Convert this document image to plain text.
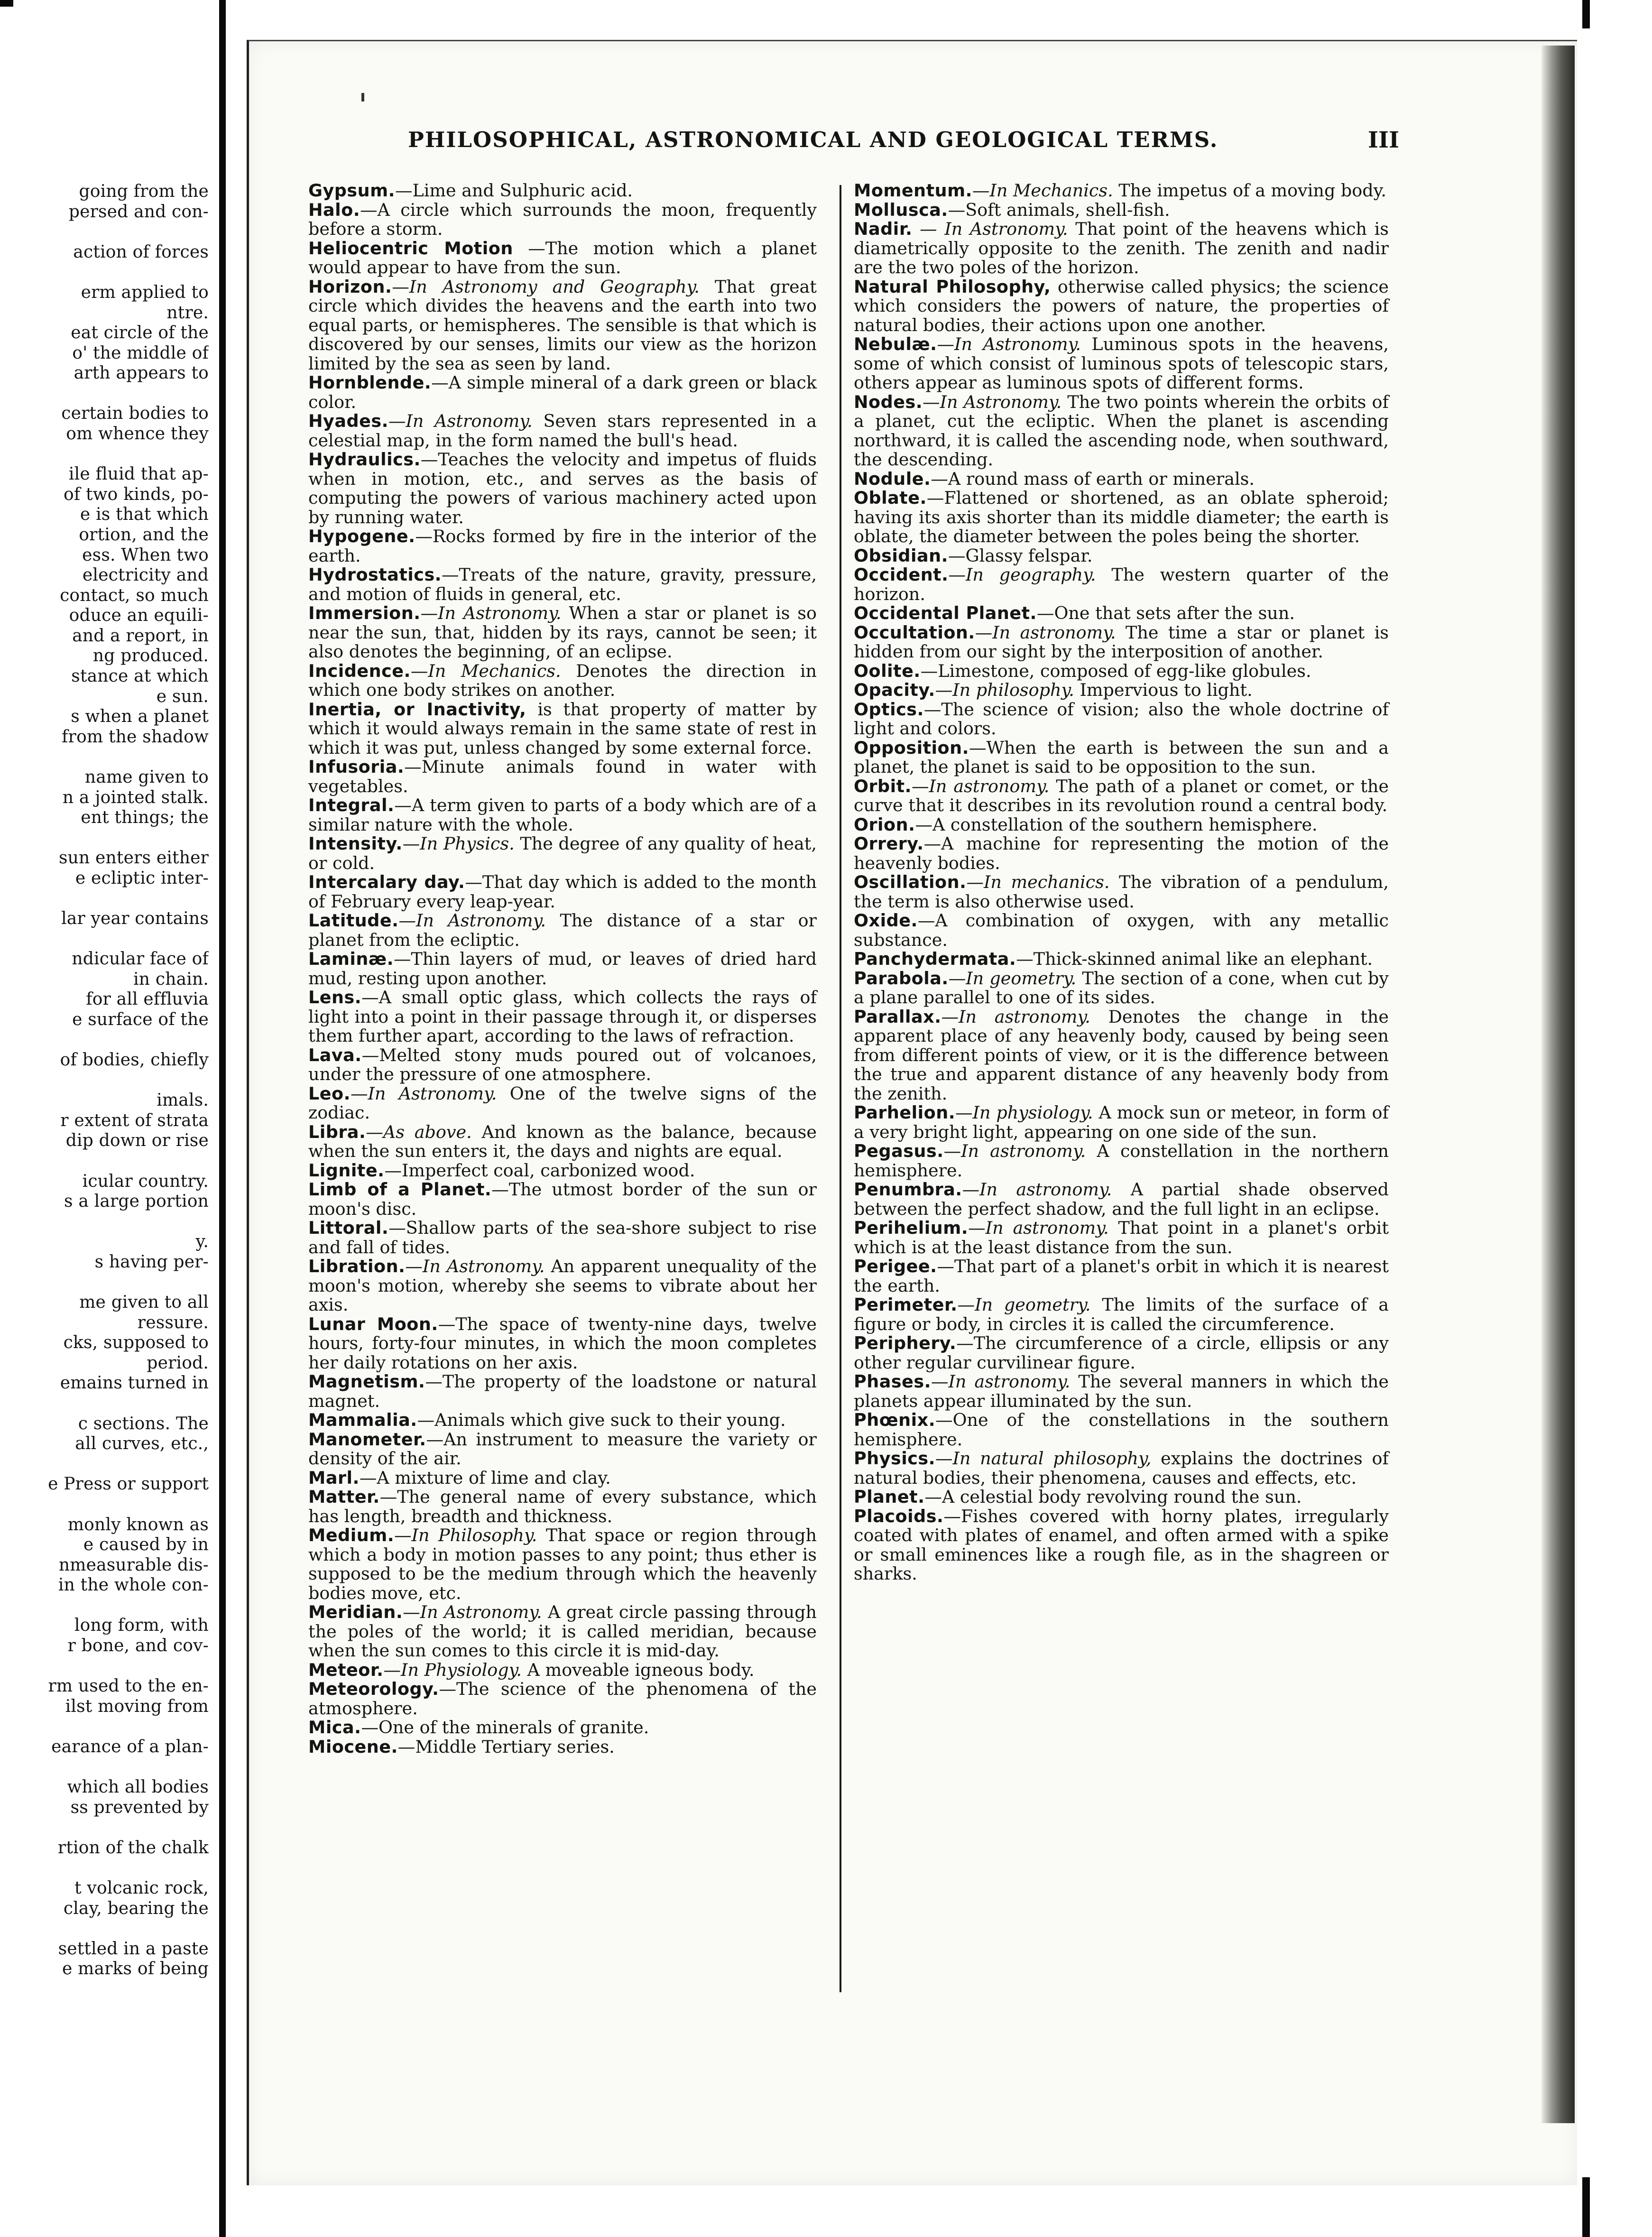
going from the
persed and con-
action of forces
erm applied to
ntre.
eat circle of the
o' the middle of
arth appears to
certain bodies to
om whence they
ile fluid that ap-
of two kinds, po-
e is that which
ortion, and the
ess. When two
electricity and
contact, so much
oduce an equili-
and a report, in
ng produced.
stance at which
e sun.
s when a planet
from the shadow
name given to
n a jointed stalk.
ent things; the
sun enters either
e ecliptic inter-
lar year contains
ndicular face of
in chain.
for all effluvia
e surface of the
of bodies, chiefly
imals.
r extent of strata
dip down or rise
icular country.
s a large portion
y.
s having per-
me given to all
ressure.
cks, supposed to
period.
emains turned in
c sections. The
all curves, etc.,
e Press or support
monly known as
e caused by in
nmeasurable dis-
in the whole con-
long form, with
r bone, and cov-
rm used to the en-
ilst moving from
earance of a plan-
which all bodies
ss prevented by
rtion of the chalk
t volcanic rock,
clay, bearing the
settled in a paste
e marks of being
PHILOSOPHICAL, ASTRONOMICAL AND GEOLOGICAL TERMS.	III

Gypsum.—Lime and Sulphuric acid.

Halo.—A circle which surrounds the moon, frequently before a storm.

Heliocentric Motion —The motion which a planet would appear to have from the sun.

Horizon.—In Astronomy and Geography. That great circle which divides the heavens and the earth into two equal parts, or hemispheres. The sensible is that which is discovered by our senses, limits our view as the horizon limited by the sea as seen by land.

Hornblende.—A simple mineral of a dark green or black color.

Hyades.—In Astronomy. Seven stars represented in a celestial map, in the form named the bull's head.

Hydraulics.—Teaches the velocity and impetus of fluids when in motion, etc., and serves as the basis of computing the powers of various machinery acted upon by running water.

Hypogene.—Rocks formed by fire in the interior of the earth.

Hydrostatics.—Treats of the nature, gravity, pressure, and motion of fluids in general, etc.

Immersion.—In Astronomy. When a star or planet is so near the sun, that, hidden by its rays, cannot be seen; it also denotes the beginning, of an eclipse.

Incidence.—In Mechanics. Denotes the direction in which one body strikes on another.

Inertia, or Inactivity, is that property of matter by which it would always remain in the same state of rest in which it was put, unless changed by some external force.

Infusoria.—Minute animals found in water with vegetables.

Integral.—A term given to parts of a body which are of a similar nature with the whole.

Intensity.—In Physics. The degree of any quality of heat, or cold.

Intercalary day.—That day which is added to the month of February every leap-year.

Latitude.—In Astronomy. The distance of a star or planet from the ecliptic.

Laminæ.—Thin layers of mud, or leaves of dried hard mud, resting upon another.

Lens.—A small optic glass, which collects the rays of light into a point in their passage through it, or disperses them further apart, according to the laws of refraction.

Lava.—Melted stony muds poured out of volcanoes, under the pressure of one atmosphere.

Leo.—In Astronomy. One of the twelve signs of the zodiac.

Libra.—As above. And known as the balance, because when the sun enters it, the days and nights are equal.

Lignite.—Imperfect coal, carbonized wood.

Limb of a Planet.—The utmost border of the sun or moon's disc.

Littoral.—Shallow parts of the sea-shore subject to rise and fall of tides.

Libration.—In Astronomy. An apparent unequality of the moon's motion, whereby she seems to vibrate about her axis.

Lunar Moon.—The space of twenty-nine days, twelve hours, forty-four minutes, in which the moon completes her daily rotations on her axis.

Magnetism.—The property of the loadstone or natural magnet.

Mammalia.—Animals which give suck to their young.

Manometer.—An instrument to measure the variety or density of the air.

Marl.—A mixture of lime and clay.

Matter.—The general name of every substance, which has length, breadth and thickness.

Medium.—In Philosophy. That space or region through which a body in motion passes to any point; thus ether is supposed to be the medium through which the heavenly bodies move, etc.

Meridian.—In Astronomy. A great circle passing through the poles of the world; it is called meridian, because when the sun comes to this circle it is mid-day.

Meteor.—In Physiology. A moveable igneous body.

Meteorology.—The science of the phenomena of the atmosphere.

Mica.—One of the minerals of granite.

Miocene.—Middle Tertiary series.

Momentum.—In Mechanics. The impetus of a moving body.

Mollusca.—Soft animals, shell-fish.

Nadir. — In Astronomy. That point of the heavens which is diametrically opposite to the zenith. The zenith and nadir are the two poles of the horizon.

Natural Philosophy, otherwise called physics; the science which considers the powers of nature, the properties of natural bodies, their actions upon one another.

Nebulæ.—In Astronomy. Luminous spots in the heavens, some of which consist of luminous spots of telescopic stars, others appear as luminous spots of different forms.

Nodes.—In Astronomy. The two points wherein the orbits of a planet, cut the ecliptic. When the planet is ascending northward, it is called the ascending node, when southward, the descending.

Nodule.—A round mass of earth or minerals.

Oblate.—Flattened or shortened, as an oblate spheroid; having its axis shorter than its middle diameter; the earth is oblate, the diameter between the poles being the shorter.

Obsidian.—Glassy felspar.

Occident.—In geography. The western quarter of the horizon.

Occidental Planet.—One that sets after the sun.

Occultation.—In astronomy. The time a star or planet is hidden from our sight by the interposition of another.

Oolite.—Limestone, composed of egg-like globules.

Opacity.—In philosophy. Impervious to light.

Optics.—The science of vision; also the whole doctrine of light and colors.

Opposition.—When the earth is between the sun and a planet, the planet is said to be opposition to the sun.

Orbit.—In astronomy. The path of a planet or comet, or the curve that it describes in its revolution round a central body.

Orion.—A constellation of the southern hemisphere.

Orrery.—A machine for representing the motion of the heavenly bodies.

Oscillation.—In mechanics. The vibration of a pendulum, the term is also otherwise used.

Oxide.—A combination of oxygen, with any metallic substance.

Panchydermata.—Thick-skinned animal like an elephant.

Parabola.—In geometry. The section of a cone, when cut by a plane parallel to one of its sides.

Parallax.—In astronomy. Denotes the change in the apparent place of any heavenly body, caused by being seen from different points of view, or it is the difference between the true and apparent distance of any heavenly body from the zenith.

Parhelion.—In physiology. A mock sun or meteor, in form of a very bright light, appearing on one side of the sun.

Pegasus.—In astronomy. A constellation in the northern hemisphere.

Penumbra.—In astronomy. A partial shade observed between the perfect shadow, and the full light in an eclipse.

Perihelium.—In astronomy. That point in a planet's orbit which is at the least distance from the sun.

Perigee.—That part of a planet's orbit in which it is nearest the earth.

Perimeter.—In geometry. The limits of the surface of a figure or body, in circles it is called the circumference.

Periphery.—The circumference of a circle, ellipsis or any other regular curvilinear figure.

Phases.—In astronomy. The several manners in which the planets appear illuminated by the sun.

Phœnix.—One of the constellations in the southern hemisphere.

Physics.—In natural philosophy, explains the doctrines of natural bodies, their phenomena, causes and effects, etc.

Planet.—A celestial body revolving round the sun.

Placoids.—Fishes covered with horny plates, irregularly coated with plates of enamel, and often armed with a spike or small eminences like a rough file, as in the shagreen or sharks.
